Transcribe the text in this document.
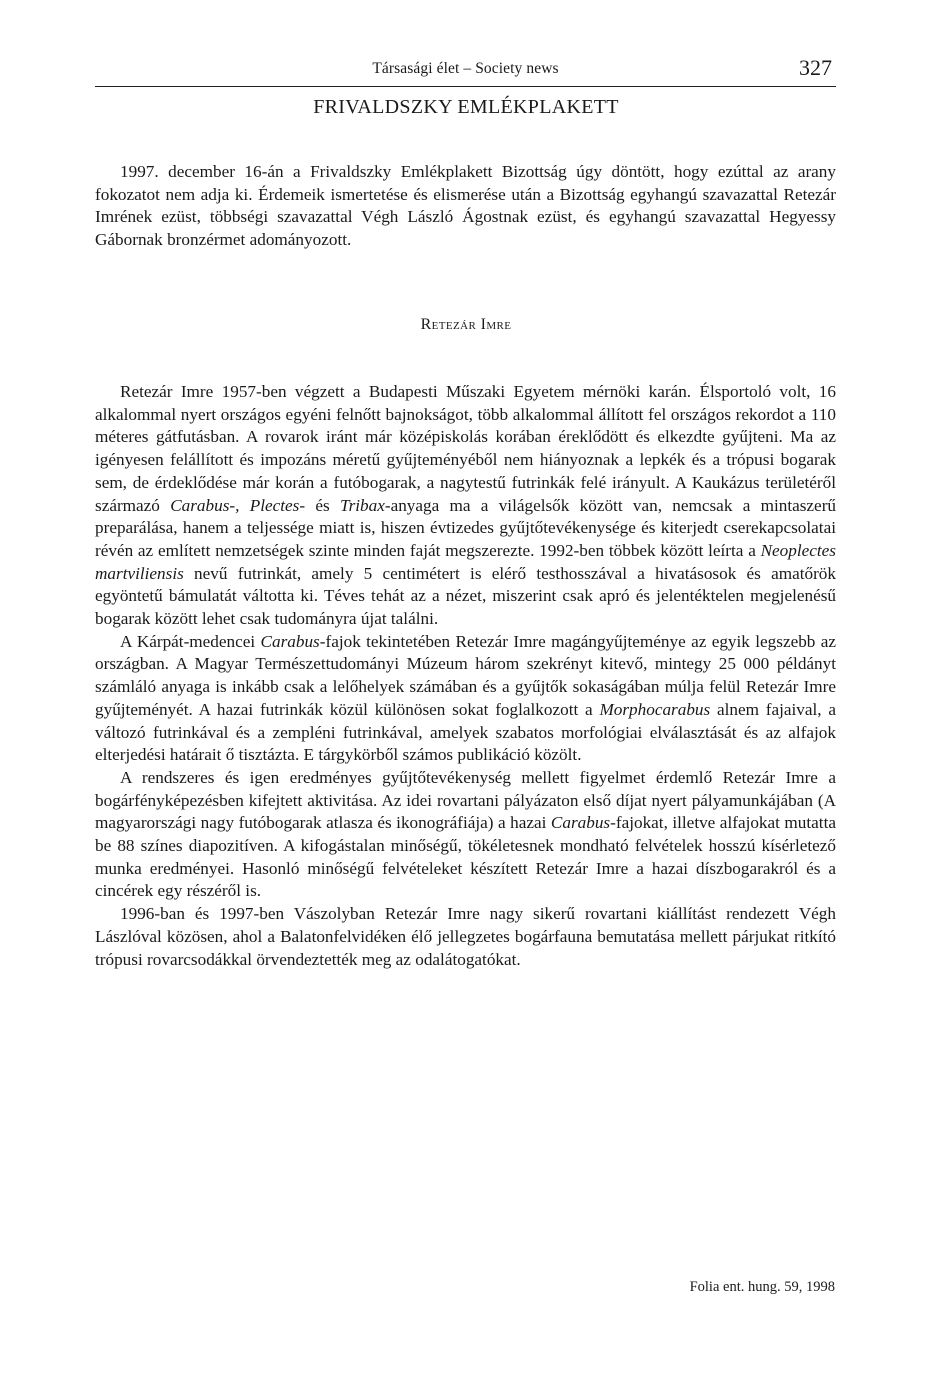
Társasági élet – Society news	327
FRIVALDSZKY EMLÉKPLAKETT

1997. december 16-án a Frivaldszky Emlékplakett Bizottság úgy döntött, hogy ezúttal az arany fokozatot nem adja ki. Érdemeik ismertetése és elismerése után a Bizottság egyhangú szavazattal Retezár Imrének ezüst, többségi szavazattal Végh László Ágostnak ezüst, és egyhangú szavazattal Hegyessy Gábornak bronzérmet adományozott.

Retezár Imre

Retezár Imre 1957-ben végzett a Budapesti Műszaki Egyetem mérnöki karán. Élsportoló volt, 16 alkalommal nyert országos egyéni felnőtt bajnokságot, több alkalommal állított fel országos rekordot a 110 méteres gátfutásban. A rovarok iránt már középiskolás korában éreklődött és elkezdte gyűjteni. Ma az igényesen felállított és impozáns méretű gyűjteményéből nem hiányoznak a lepkék és a trópusi bogarak sem, de érdeklődése már korán a futóbogarak, a nagytestű futrinkák felé irányult. A Kaukázus területéről származó Carabus-, Plectes- és Tribax-anyaga ma a világelsők között van, nemcsak a mintaszerű preparálása, hanem a teljessége miatt is, hiszen évtizedes gyűjtőtevékenysége és kiterjedt cserekapcsolatai révén az említett nemzetségek szinte minden faját megszerezte. 1992-ben többek között leírta a Neoplectes martviliensis nevű futrinkát, amely 5 centimétert is elérő testhosszával a hivatásosok és amatőrök egyöntetű bámulatát váltotta ki. Téves tehát az a nézet, miszerint csak apró és jelentéktelen megjelenésű bogarak között lehet csak tudományra újat találni.

A Kárpát-medencei Carabus-fajok tekintetében Retezár Imre magángyűjteménye az egyik legszebb az országban. A Magyar Természettudományi Múzeum három szekrényt kitevő, mintegy 25 000 példányt számláló anyaga is inkább csak a lelőhelyek számában és a gyűjtők sokaságában múlja felül Retezár Imre gyűjteményét. A hazai futrinkák közül különösen sokat foglalkozott a Morphocarabus alnem fajaival, a változó futrinkával és a zempléni futrinkával, amelyek szabatos morfológiai elválasztását és az alfajok elterjedési határait ő tisztázta. E tárgykörből számos publikáció közölt.

A rendszeres és igen eredményes gyűjtőtevékenység mellett figyelmet érdemlő Retezár Imre a bogárfényképezésben kifejtett aktivitása. Az idei rovartani pályázaton első díjat nyert pályamunkájában (A magyarországi nagy futóbogarak atlasza és ikonográfiája) a hazai Carabus-fajokat, illetve alfajokat mutatta be 88 színes diapozitíven. A kifogástalan minőségű, tökéletesnek mondható felvételek hosszú kísérletező munka eredményei. Hasonló minőségű felvételeket készített Retezár Imre a hazai díszbogarakról és a cincérek egy részéről is.

1996-ban és 1997-ben Vászolyban Retezár Imre nagy sikerű rovartani kiállítást rendezett Végh Lászlóval közösen, ahol a Balatonfelvidéken élő jellegzetes bogárfauna bemutatása mellett párjukat ritkító trópusi rovarcsodákkal örvendeztették meg az odalátogatókat.

Folia ent. hung. 59, 1998
